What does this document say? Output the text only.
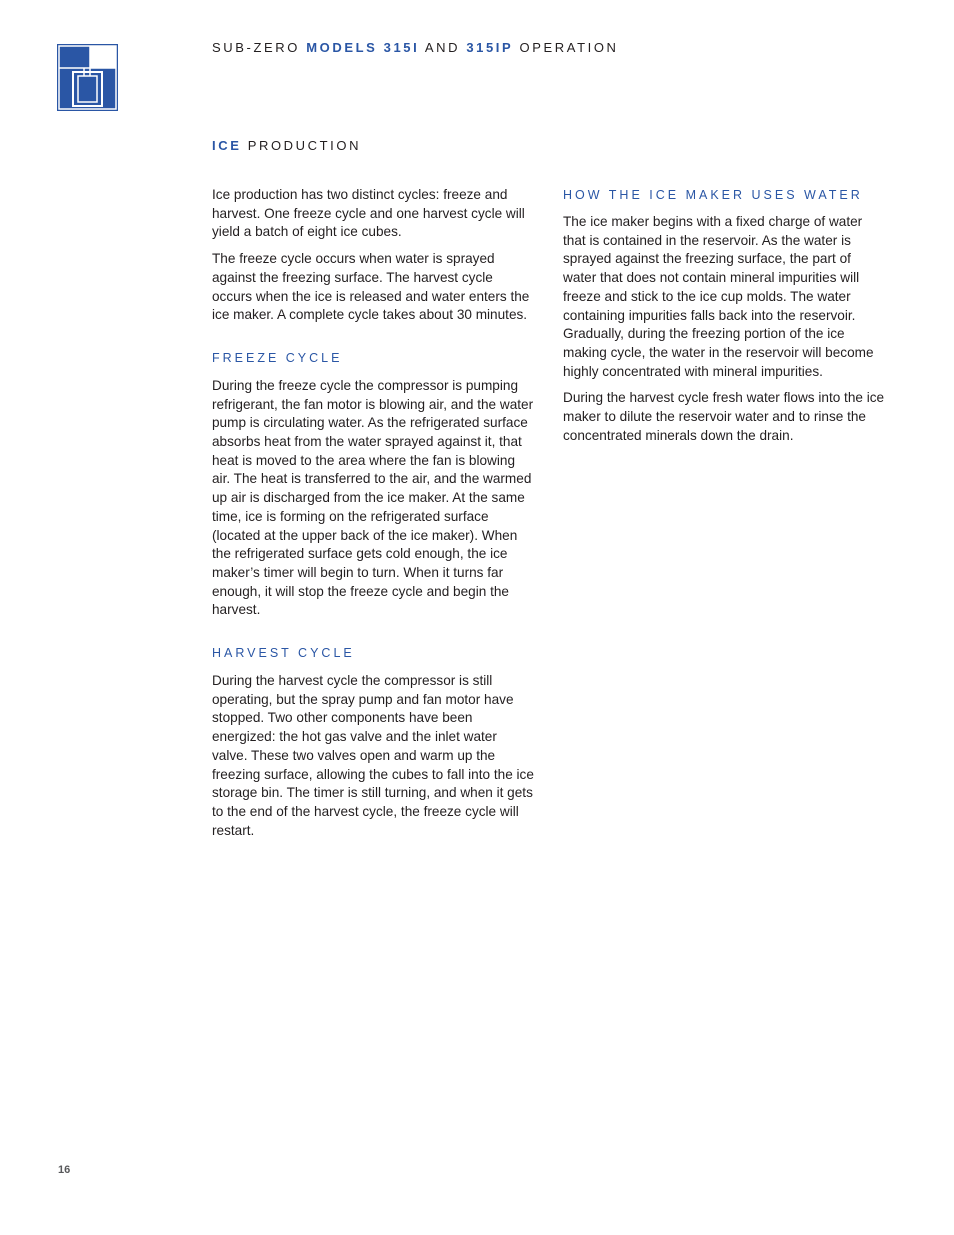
SUB-ZERO MODELS 315I AND 315IP OPERATION
ICE PRODUCTION

Ice production has two distinct cycles: freeze and harvest. One freeze cycle and one harvest cycle will yield a batch of eight ice cubes.

The freeze cycle occurs when water is sprayed against the freezing surface. The harvest cycle occurs when the ice is released and water enters the ice maker. A complete cycle takes about 30 minutes.

FREEZE CYCLE

During the freeze cycle the compressor is pumping refrigerant, the fan motor is blowing air, and the water pump is circulating water. As the refrigerated surface absorbs heat from the water sprayed against it, that heat is moved to the area where the fan is blowing air. The heat is transferred to the air, and the warmed up air is discharged from the ice maker. At the same time, ice is forming on the refrigerated surface (located at the upper back of the ice maker). When the refrigerated surface gets cold enough, the ice maker’s timer will begin to turn. When it turns far enough, it will stop the freeze cycle and begin the harvest.

HARVEST CYCLE

During the harvest cycle the compressor is still operating, but the spray pump and fan motor have stopped. Two other components have been energized: the hot gas valve and the inlet water valve. These two valves open and warm up the freezing surface, allowing the cubes to fall into the ice storage bin. The timer is still turning, and when it gets to the end of the harvest cycle, the freeze cycle will restart.

HOW THE ICE MAKER USES WATER

The ice maker begins with a fixed charge of water that is contained in the reservoir. As the water is sprayed against the freezing surface, the part of water that does not contain mineral impurities will freeze and stick to the ice cup molds. The water containing impurities falls back into the reservoir. Gradually, during the freezing portion of the ice making cycle, the water in the reservoir will become highly concentrated with mineral impurities.

During the harvest cycle fresh water flows into the ice maker to dilute the reservoir water and to rinse the concentrated minerals down the drain.

16
